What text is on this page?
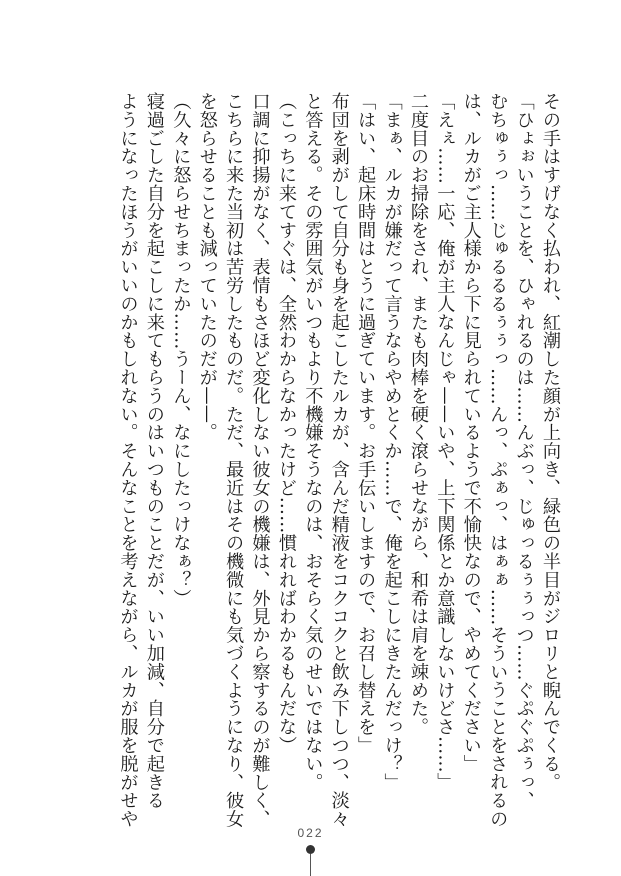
その手はすげなく払われ、紅潮した顔が上向き、緑色の半目がジロリと睨んでくる。
「ひょぉいうことを、ひゃれるのは……んぶっ、じゅっるぅぅっつ……ぐぷぐぷぅっ、
むちゅぅっ……じゅるるるぅぅっ……んっ、ぷぁっ、はぁぁ……そういうことをされるの
は、ルカがご主人様から下に見られているようで不愉快なので、やめてください」
「えぇ……一応、俺が主人なんじゃ——いや、上下関係とか意識しないけどさ……」
二度目のお掃除をされ、またも肉棒を硬く滾らせながら、和希は肩を竦めた。
「まぁ、ルカが嫌だって言うならやめとくか……で、俺を起こしにきたんだっけ？」
「はい、起床時間はとうに過ぎています。お手伝いしますので、お召し替えを」
布団を剥がして自分も身を起こしたルカが、含んだ精液をコクコクと飲み下しつつ、淡々
と答える。その雰囲気がいつもより不機嫌そうなのは、おそらく気のせいではない。
（こっちに来てすぐは、全然わからなかったけど……慣れればわかるもんだな）
口調に抑揚がなく、表情もさほど変化しない彼女の機嫌は、外見から察するのが難しく、
こちらに来た当初は苦労したものだ。ただ、最近はその機微にも気づくようになり、彼女
を怒らせることも減っていたのだが——。
（久々に怒らせちまったか……うーん、なにしたっけなぁ？）
寝過ごした自分を起こしに来てもらうのはいつものことだが、いい加減、自分で起きる
ようになったほうがいいのかもしれない。そんなことを考えながら、ルカが服を脱がせや
022
